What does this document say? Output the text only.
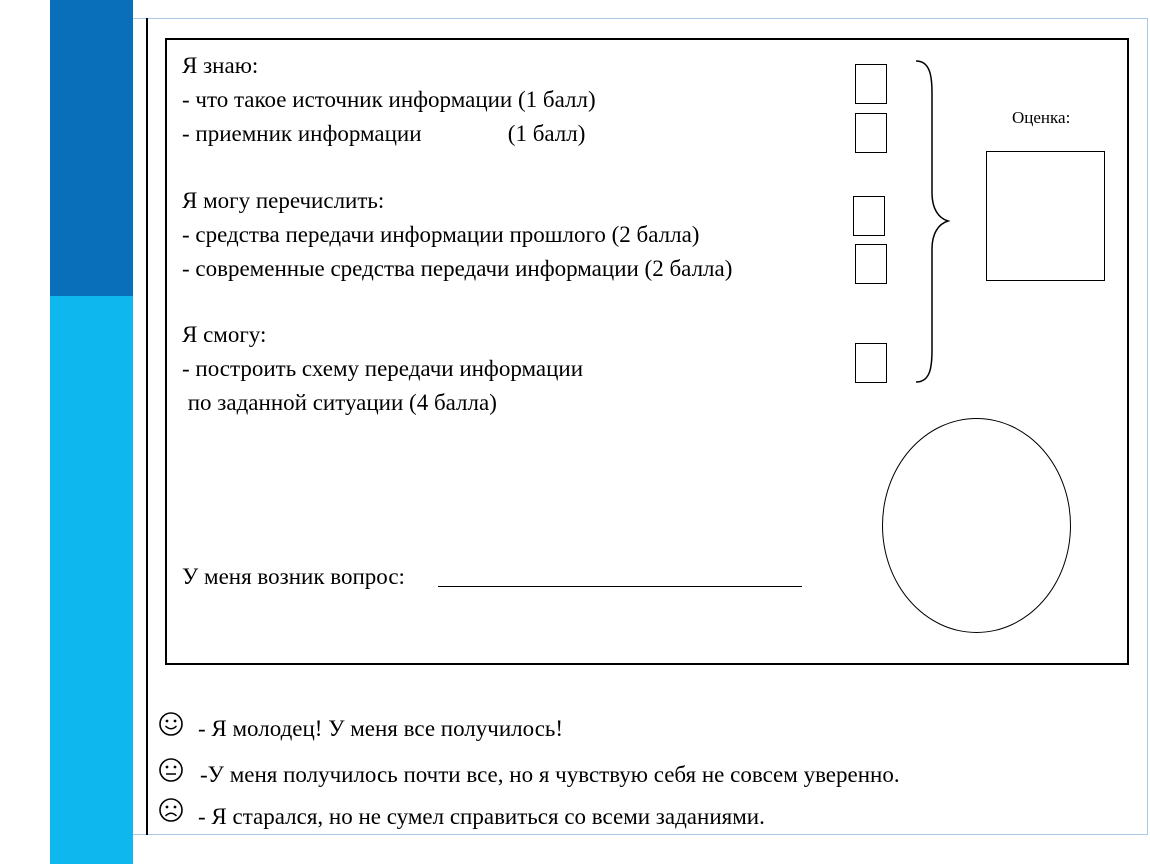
Я знаю:
- что такое источник информации (1 балл)
- приемник информации               (1 балл)
Я могу перечислить:
- средства передачи информации прошлого (2 балла)
- современные средства передачи информации (2 балла)
Я смогу:
- построить схему передачи информации
по заданной ситуации (4 балла)
Оценка:
У меня возник вопрос:
- Я молодец! У меня все получилось!
-У меня получилось почти все, но я чувствую себя не совсем уверенно.
- Я старался, но не сумел справиться со всеми заданиями.
